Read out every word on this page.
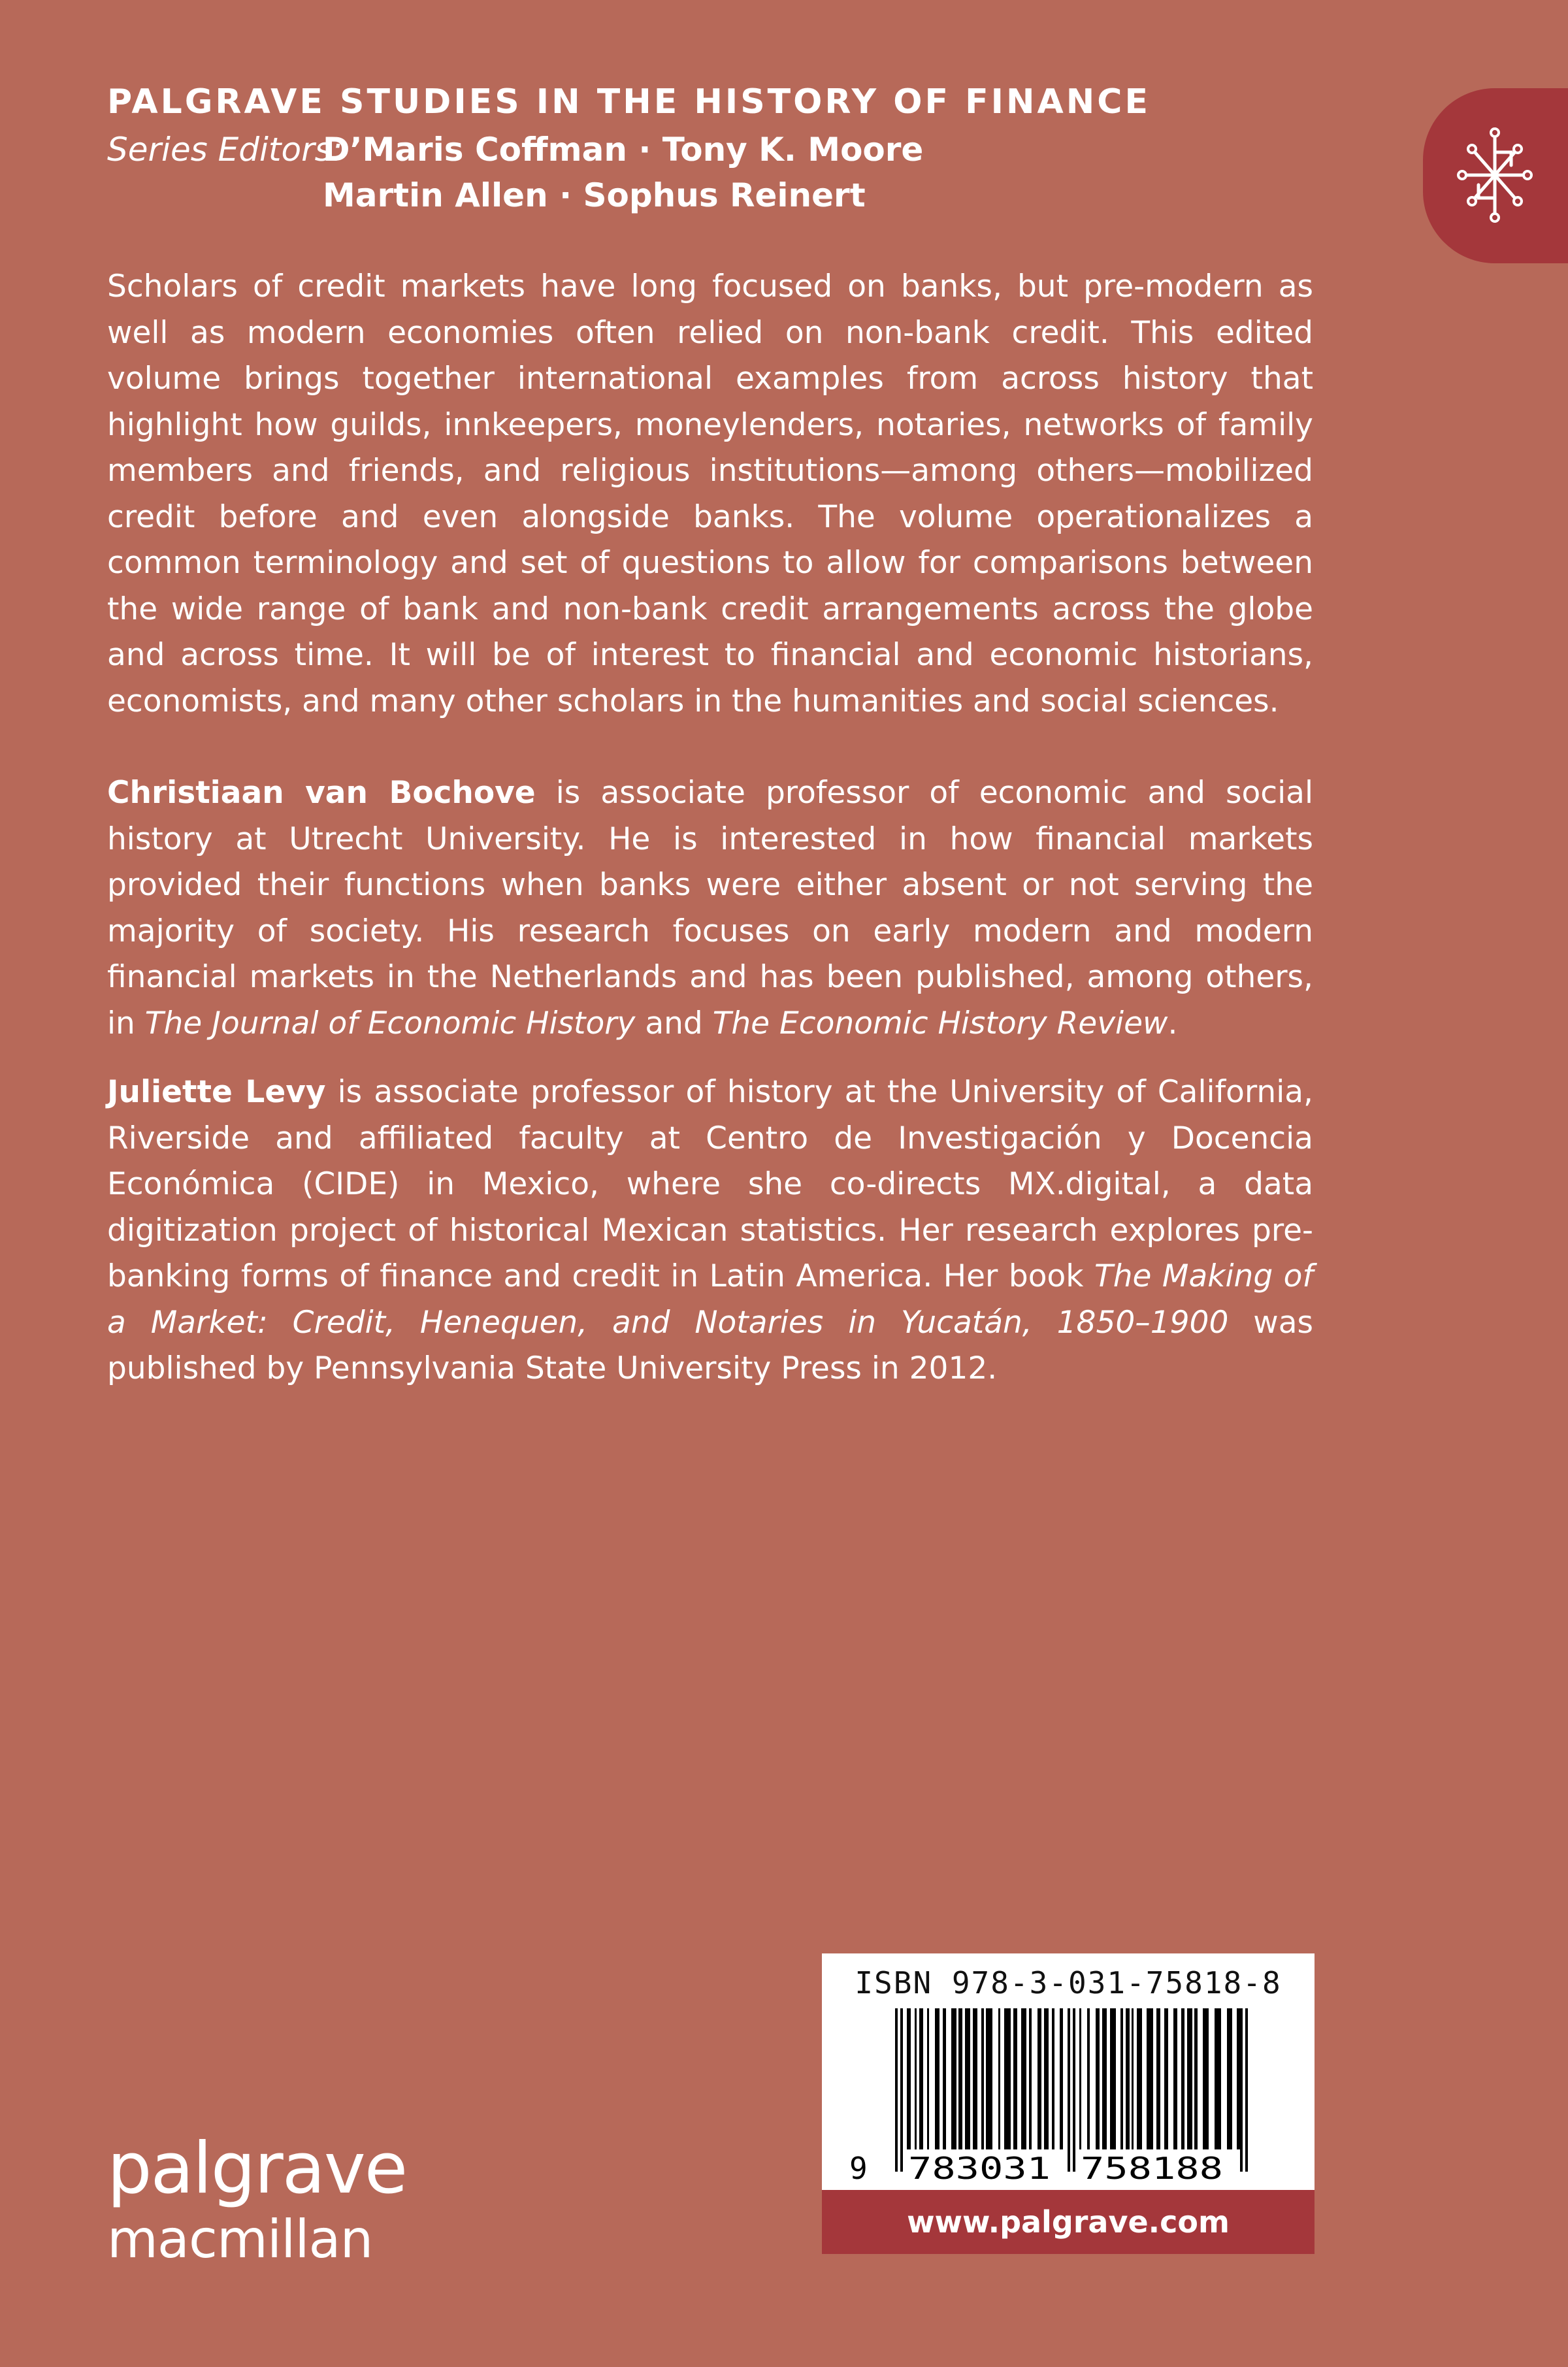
PALGRAVE STUDIES IN THE HISTORY OF FINANCE
Series Editors:D’Maris Coffman · Tony K. Moore
Martin Allen · Sophus Reinert

Scholars of credit markets have long focused on banks, but pre-modern as well as modern economies often relied on non-bank credit. This edited volume brings together international examples from across history that highlight how guilds, innkeepers, moneylenders, notaries, networks of family members and friends, and religious institutions—among others—mobilized credit before and even alongside banks. The volume operationalizes a common terminology and set of questions to allow for comparisons between the wide range of bank and non-bank credit arrangements across the globe and across time. It will be of interest to financial and economic historians, economists, and many other scholars in the humanities and social sciences.

Christiaan van Bochove is associate professor of economic and social history at Utrecht University. He is interested in how financial markets provided their functions when banks were either absent or not serving the majority of society. His research focuses on early modern and modern financial markets in the Netherlands and has been published, among others, in The Journal of Economic History and The Economic History Review.

Juliette Levy is associate professor of history at the University of California, Riverside and affiliated faculty at Centro de Investigación y Docencia Económica (CIDE) in Mexico, where she co-directs MX.digital, a data digitization project of historical Mexican statistics. Her research explores pre-banking forms of finance and credit in Latin America. Her book The Making of a Market: Credit, Henequen, and Notaries in Yucatán, 1850–1900 was published by Pennsylvania State University Press in 2012.

palgrave
macmillan
ISBN 978-3-031-75818-8
9 783031 758188
www.palgrave.com
